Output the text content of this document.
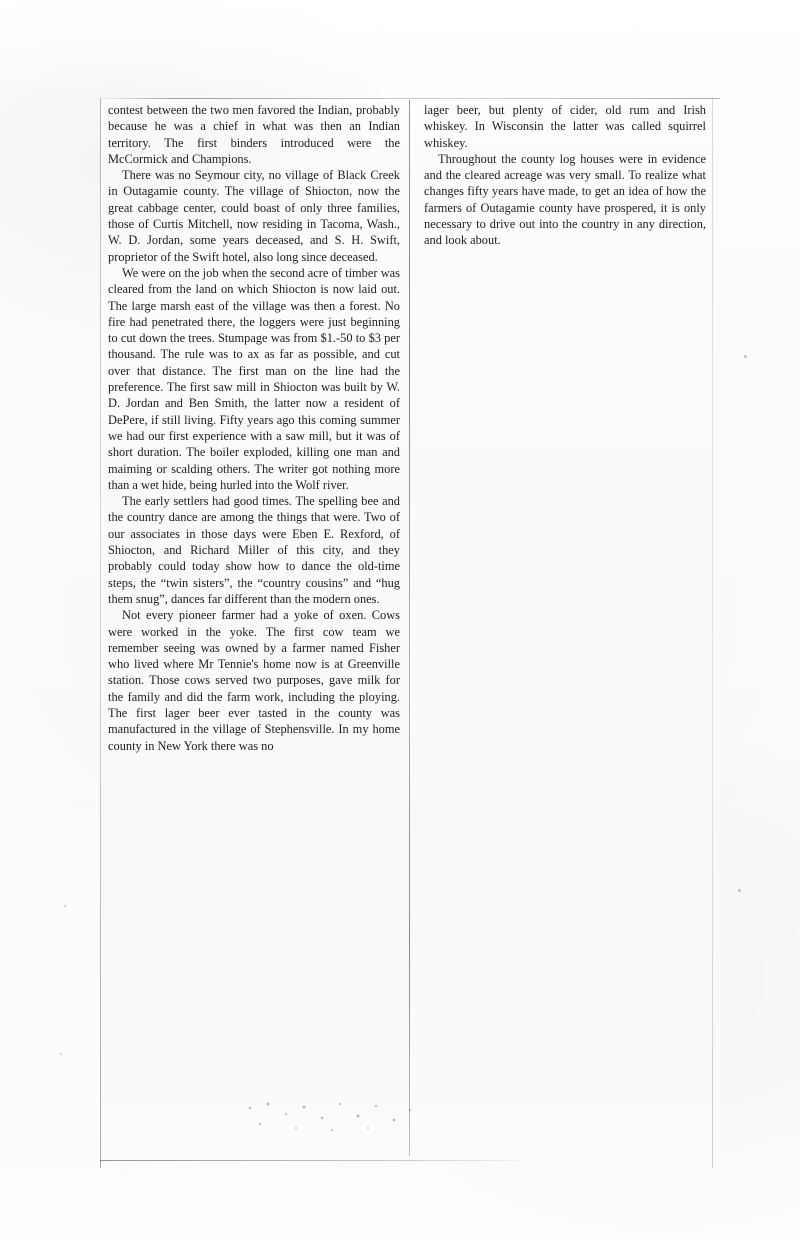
contest between the two men favored the Indian, probably because he was a chief in what was then an Indian territory. The first binders introduced were the McCormick and Champions.

There was no Seymour city, no village of Black Creek in Outagamie county. The village of Shiocton, now the great cabbage center, could boast of only three families, those of Curtis Mitchell, now residing in Tacoma, Wash., W. D. Jordan, some years deceased, and S. H. Swift, proprietor of the Swift hotel, also long since deceased.

We were on the job when the second acre of timber was cleared from the land on which Shiocton is now laid out. The large marsh east of the village was then a forest. No fire had penetrated there, the loggers were just beginning to cut down the trees. Stumpage was from $1.-50 to $3 per thousand. The rule was to ax as far as possible, and cut over that distance. The first man on the line had the preference. The first saw mill in Shiocton was built by W. D. Jordan and Ben Smith, the latter now a resident of DePere, if still living. Fifty years ago this coming summer we had our first experience with a saw mill, but it was of short duration. The boiler exploded, killing one man and maiming or scalding others. The writer got nothing more than a wet hide, being hurled into the Wolf river.

The early settlers had good times. The spelling bee and the country dance are among the things that were. Two of our associates in those days were Eben E. Rexford, of Shiocton, and Richard Miller of this city, and they probably could today show how to dance the old-time steps, the “twin sisters”, the “country cousins” and “hug them snug”, dances far different than the modern ones.

Not every pioneer farmer had a yoke of oxen. Cows were worked in the yoke. The first cow team we remember seeing was owned by a farmer named Fisher who lived where Mr Tennie's home now is at Greenville station. Those cows served two purposes, gave milk for the family and did the farm work, including the ploying. The first lager beer ever tasted in the county was manufactured in the village of Stephensville. In my home county in New York there was no

lager beer, but plenty of cider, old rum and Irish whiskey. In Wisconsin the latter was called squirrel whiskey.

Throughout the county log houses were in evidence and the cleared acreage was very small. To realize what changes fifty years have made, to get an idea of how the farmers of Outagamie county have prospered, it is only necessary to drive out into the country in any direction, and look about.
